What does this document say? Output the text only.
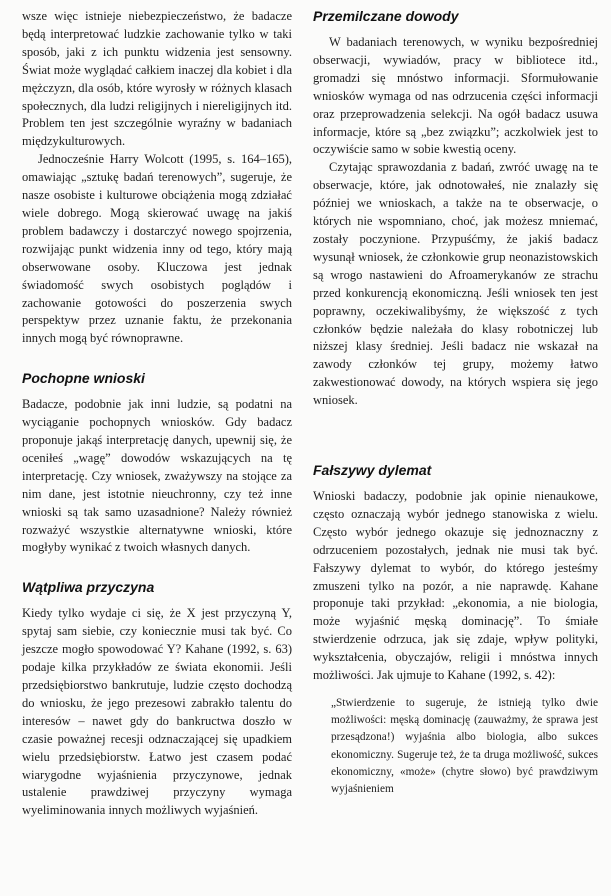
wsze więc istnieje niebezpieczeństwo, że badacze będą interpretować ludzkie zachowanie tylko w taki sposób, jaki z ich punktu widzenia jest sensowny. Świat może wyglądać całkiem inaczej dla kobiet i dla mężczyzn, dla osób, które wyrosły w różnych klasach społecznych, dla ludzi religijnych i niereligijnych itd. Problem ten jest szczególnie wyraźny w badaniach międzykulturowych.

Jednocześnie Harry Wolcott (1995, s. 164–165), omawiając „sztukę badań terenowych”, sugeruje, że nasze osobiste i kulturowe obciążenia mogą zdziałać wiele dobrego. Mogą skierować uwagę na jakiś problem badawczy i dostarczyć nowego spojrzenia, rozwijając punkt widzenia inny od tego, który mają obserwowane osoby. Kluczowa jest jednak świadomość swych osobistych poglądów i zachowanie gotowości do poszerzenia swych perspektyw przez uznanie faktu, że przekonania innych mogą być równoprawne.

Pochopne wnioski

Badacze, podobnie jak inni ludzie, są podatni na wyciąganie pochopnych wniosków. Gdy badacz proponuje jakąś interpretację danych, upewnij się, że oceniłeś „wagę” dowodów wskazujących na tę interpretację. Czy wniosek, zważywszy na stojące za nim dane, jest istotnie nieuchronny, czy też inne wnioski są tak samo uzasadnione? Należy również rozważyć wszystkie alternatywne wnioski, które mogłyby wynikać z twoich własnych danych.

Wątpliwa przyczyna

Kiedy tylko wydaje ci się, że X jest przyczyną Y, spytaj sam siebie, czy koniecznie musi tak być. Co jeszcze mogło spowodować Y? Kahane (1992, s. 63) podaje kilka przykładów ze świata ekonomii. Jeśli przedsiębiorstwo bankrutuje, ludzie często dochodzą do wniosku, że jego prezesowi zabrakło talentu do interesów – nawet gdy do bankructwa doszło w czasie poważnej recesji odznaczającej się upadkiem wielu przedsiębiorstw. Łatwo jest czasem podać wiarygodne wyjaśnienia przyczynowe, jednak ustalenie prawdziwej przyczyny wymaga wyeliminowania innych możliwych wyjaśnień.

Przemilczane dowody

W badaniach terenowych, w wyniku bezpośredniej obserwacji, wywiadów, pracy w bibliotece itd., gromadzi się mnóstwo informacji. Sformułowanie wniosków wymaga od nas odrzucenia części informacji oraz przeprowadzenia selekcji. Na ogół badacz usuwa informacje, które są „bez związku”; aczkolwiek jest to oczywiście samo w sobie kwestią oceny.

Czytając sprawozdania z badań, zwróć uwagę na te obserwacje, które, jak odnotowałeś, nie znalazły się później we wnioskach, a także na te obserwacje, o których nie wspomniano, choć, jak możesz mniemać, zostały poczynione. Przypuśćmy, że jakiś badacz wysunął wniosek, że członkowie grup neonazistowskich są wrogo nastawieni do Afroamerykanów ze strachu przed konkurencją ekonomiczną. Jeśli wniosek ten jest poprawny, oczekiwalibyśmy, że większość z tych członków będzie należała do klasy robotniczej lub niższej klasy średniej. Jeśli badacz nie wskazał na zawody członków tej grupy, możemy łatwo zakwestionować dowody, na których wspiera się jego wniosek.

Fałszywy dylemat

Wnioski badaczy, podobnie jak opinie nienaukowe, często oznaczają wybór jednego stanowiska z wielu. Często wybór jednego okazuje się jednoznaczny z odrzuceniem pozostałych, jednak nie musi tak być. Fałszywy dylemat to wybór, do którego jesteśmy zmuszeni tylko na pozór, a nie naprawdę. Kahane proponuje taki przykład: „ekonomia, a nie biologia, może wyjaśnić męską dominację”. To śmiałe stwierdzenie odrzuca, jak się zdaje, wpływ polityki, wykształcenia, obyczajów, religii i mnóstwa innych możliwości. Jak ujmuje to Kahane (1992, s. 42):

„Stwierdzenie to sugeruje, że istnieją tylko dwie możliwości: męską dominację (zauważmy, że sprawa jest przesądzona!) wyjaśnia albo biologia, albo sukces ekonomiczny. Sugeruje też, że ta druga możliwość, sukces ekonomiczny, «może» (chytre słowo) być prawdziwym wyjaśnieniem
